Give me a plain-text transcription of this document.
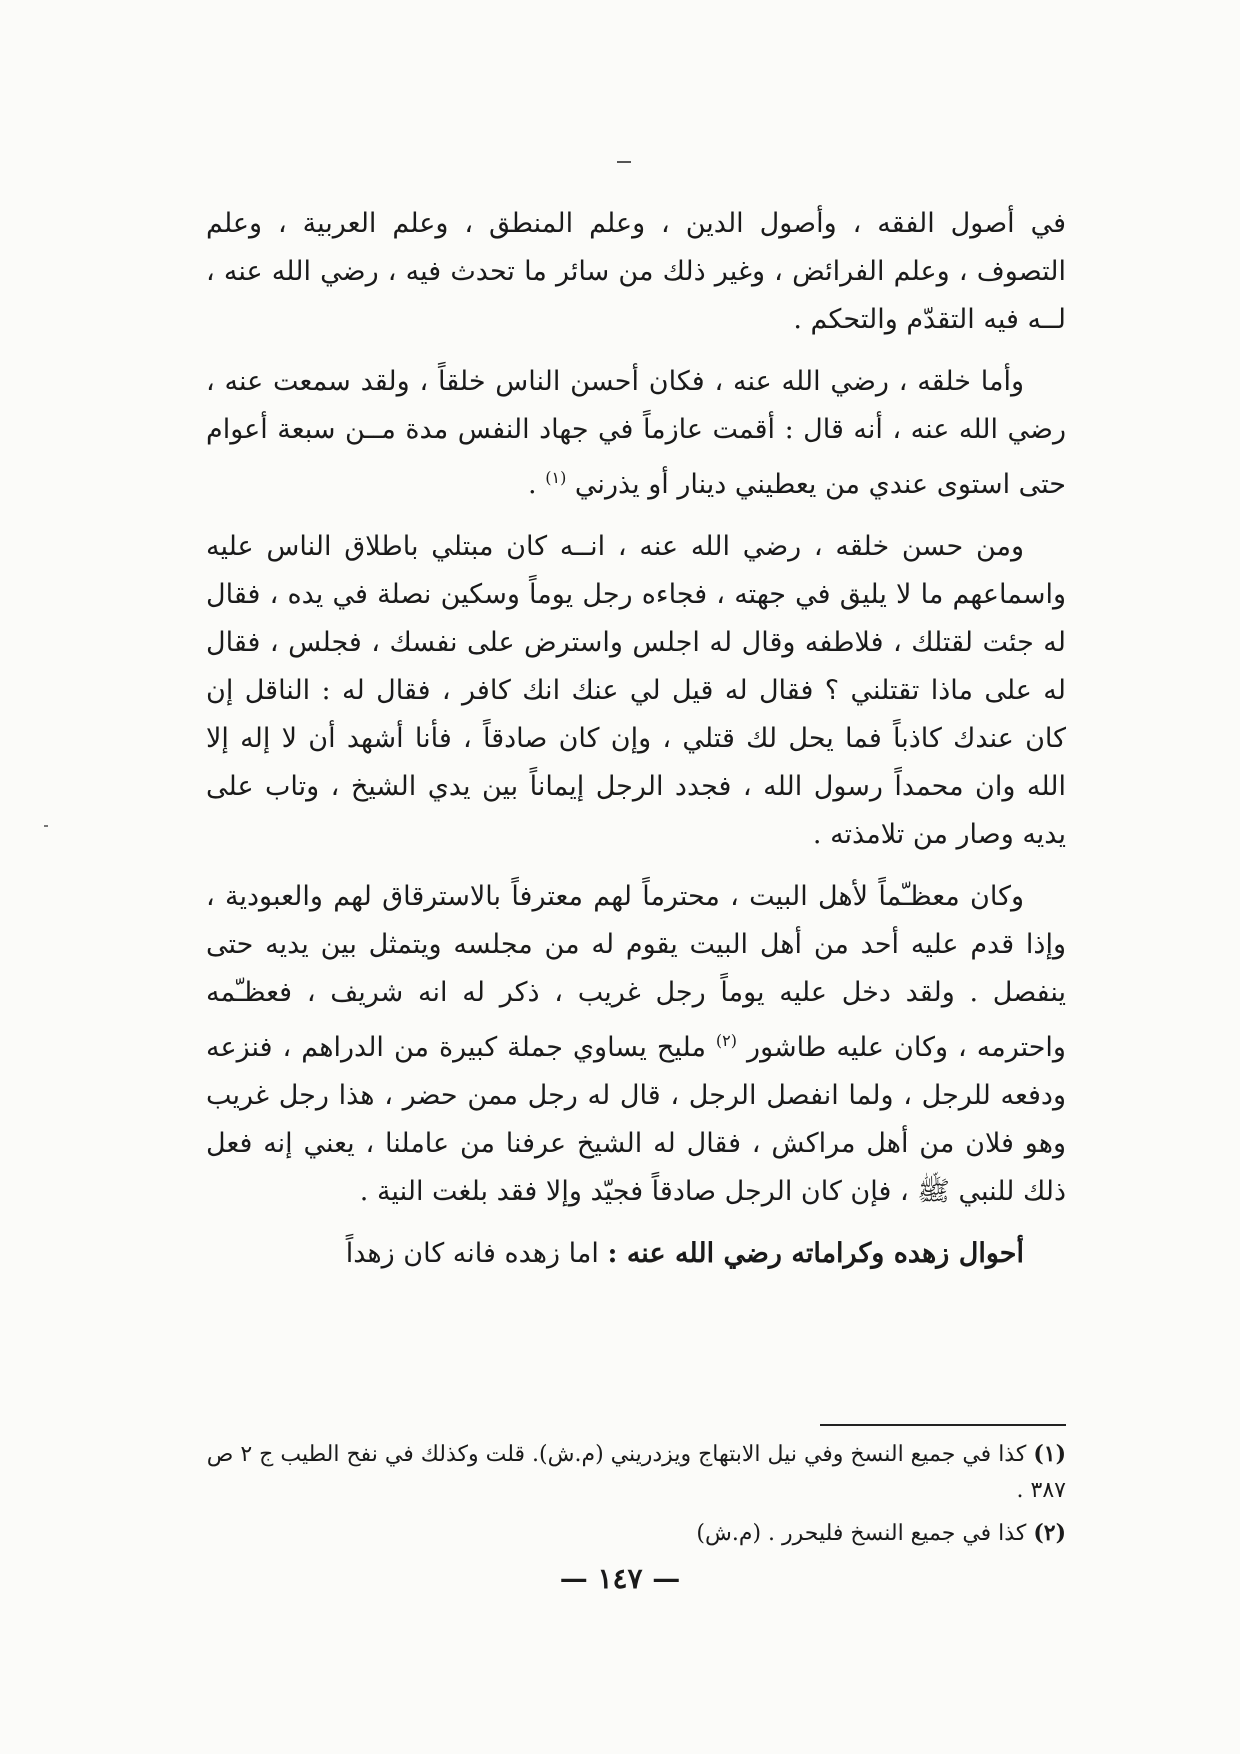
في أصول الفقه ، وأصول الدين ، وعلم المنطق ، وعلم العربية ، وعلم التصوف ، وعلم الفرائض ، وغير ذلك من سائر ما تحدث فيه ، رضي الله عنه ، لــه فيه التقدّم والتحكم .

وأما خلقه ، رضي الله عنه ، فكان أحسن الناس خلقاً ، ولقد سمعت عنه ، رضي الله عنه ، أنه قال : أقمت عازماً في جهاد النفس مدة مــن سبعة أعوام حتى استوى عندي من يعطيني دينار أو يذرني $^{(١)}$ .

ومن حسن خلقه ، رضي الله عنه ، انــه كان مبتلي باطلاق الناس عليه واسماعهم ما لا يليق في جهته ، فجاءه رجل يوماً وسكين نصلة في يده ، فقال له جئت لقتلك ، فلاطفه وقال له اجلس واسترض على نفسك ، فجلس ، فقال له على ماذا تقتلني ؟ فقال له قيل لي عنك انك كافر ، فقال له : الناقل إن كان عندك كاذباً فما يحل لك قتلي ، وإن كان صادقاً ، فأنا أشهد أن لا إله إلا الله وان محمداً رسول الله ، فجدد الرجل إيماناً بين يدي الشيخ ، وتاب على يديه وصار من تلامذته .

وكان معظـّماً لأهل البيت ، محترماً لهم معترفاً بالاسترقاق لهم والعبودية ، وإذا قدم عليه أحد من أهل البيت يقوم له من مجلسه ويتمثل بين يديه حتى ينفصل . ولقد دخل عليه يوماً رجل غريب ، ذكر له انه شريف ، فعظـّمه واحترمه ، وكان عليه طاشور $^{(٢)}$ مليح يساوي جملة كبيرة من الدراهم ، فنزعه ودفعه للرجل ، ولما انفصل الرجل ، قال له رجل ممن حضر ، هذا رجل غريب وهو فلان من أهل مراكش ، فقال له الشيخ عرفنا من عاملنا ، يعني إنه فعل ذلك للنبي ﷺ ، فإن كان الرجل صادقاً فجيّد وإلا فقد بلغت النية .

أحوال زهده وكراماته رضي الله عنه : اما زهده فانه كان زهداً

(١) كذا في جميع النسخ وفي نيل الابتهاج ويزدريني (م.ش). قلت وكذلك في نفح الطيب ج ٢ ص ٣٨٧ .

(٢) كذا في جميع النسخ فليحرر . (م.ش)

— ١٤٧ —
